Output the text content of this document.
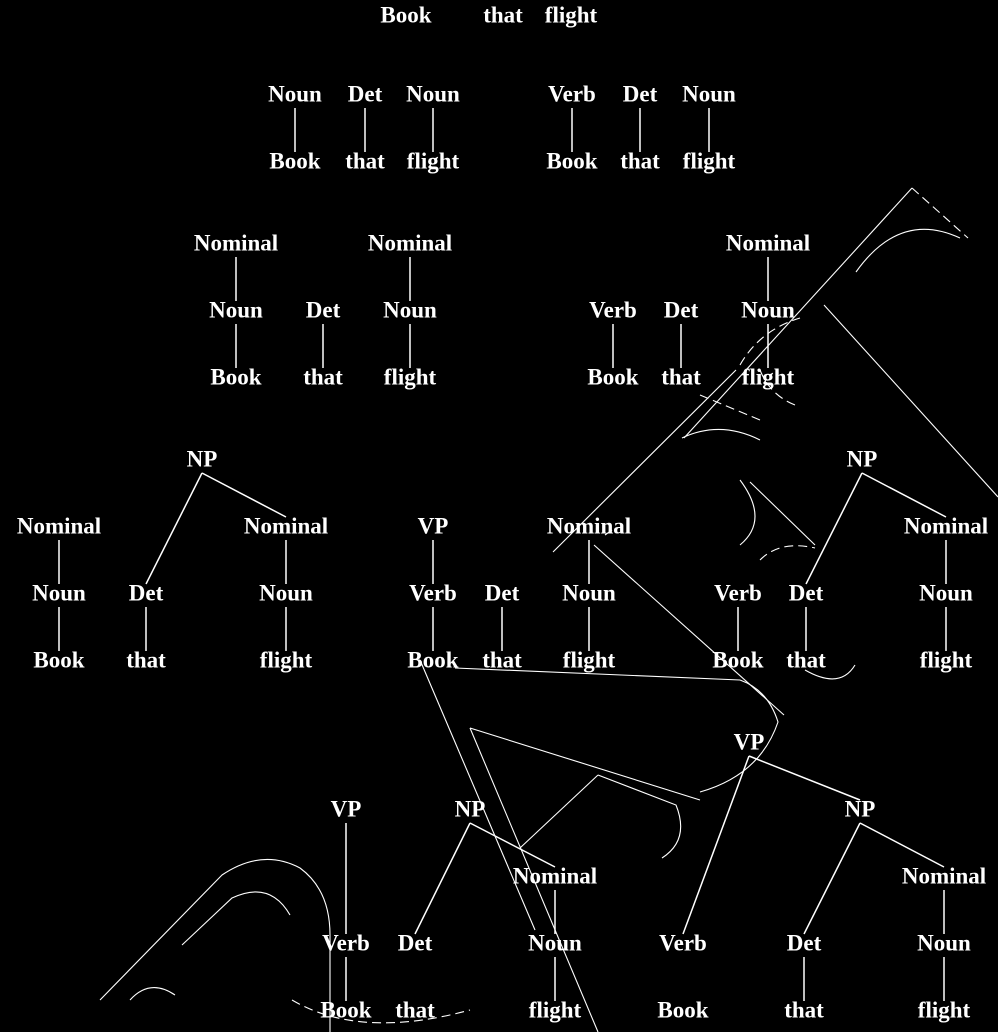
Book that flight
Noun Det Noun
Book that flight
Verb Det Noun
Book that flight
Nominal	Nominal
Noun Det Noun
Book that flight
Nominal
Verb Det Noun
Book that flight
NP
Nominal	Nominal
Noun Det	Noun
Book that	flight
VP	Nominal
Verb Det Noun
Book that flight
NP
Nominal
Verb Det	Noun
Book that	flight
VP	NP
Nominal
Verb Det	Noun
Book that	flight
VP
NP
Nominal
Verb	Det	Noun
Book	that	flight
